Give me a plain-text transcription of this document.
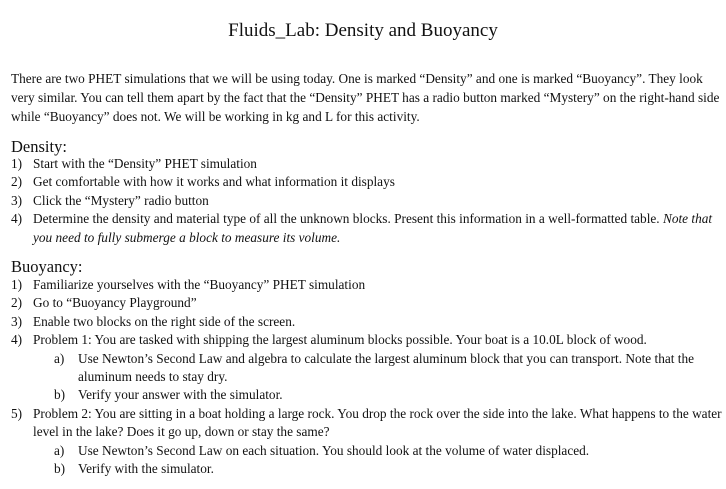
Fluids_Lab: Density and Buoyancy

There are two PHET simulations that we will be using today. One is marked “Density” and one is marked “Buoyancy”. They look very similar. You can tell them apart by the fact that the “Density” PHET has a radio button marked “Mystery” on the right-hand side while “Buoyancy” does not. We will be working in kg and L for this activity.

Density:
1) Start with the “Density” PHET simulation
2) Get comfortable with how it works and what information it displays
3) Click the “Mystery” radio button
4) Determine the density and material type of all the unknown blocks. Present this information in a well-formatted table. Note that you need to fully submerge a block to measure its volume.
Buoyancy:
1) Familiarize yourselves with the “Buoyancy” PHET simulation
2) Go to “Buoyancy Playground”
3) Enable two blocks on the right side of the screen.
4) Problem 1: You are tasked with shipping the largest aluminum blocks possible. Your boat is a 10.0L block of wood.
a) Use Newton’s Second Law and algebra to calculate the largest aluminum block that you can transport. Note that the aluminum needs to stay dry.
b) Verify your answer with the simulator.
5) Problem 2: You are sitting in a boat holding a large rock. You drop the rock over the side into the lake. What happens to the water level in the lake? Does it go up, down or stay the same?
a) Use Newton’s Second Law on each situation. You should look at the volume of water displaced.
b) Verify with the simulator.
